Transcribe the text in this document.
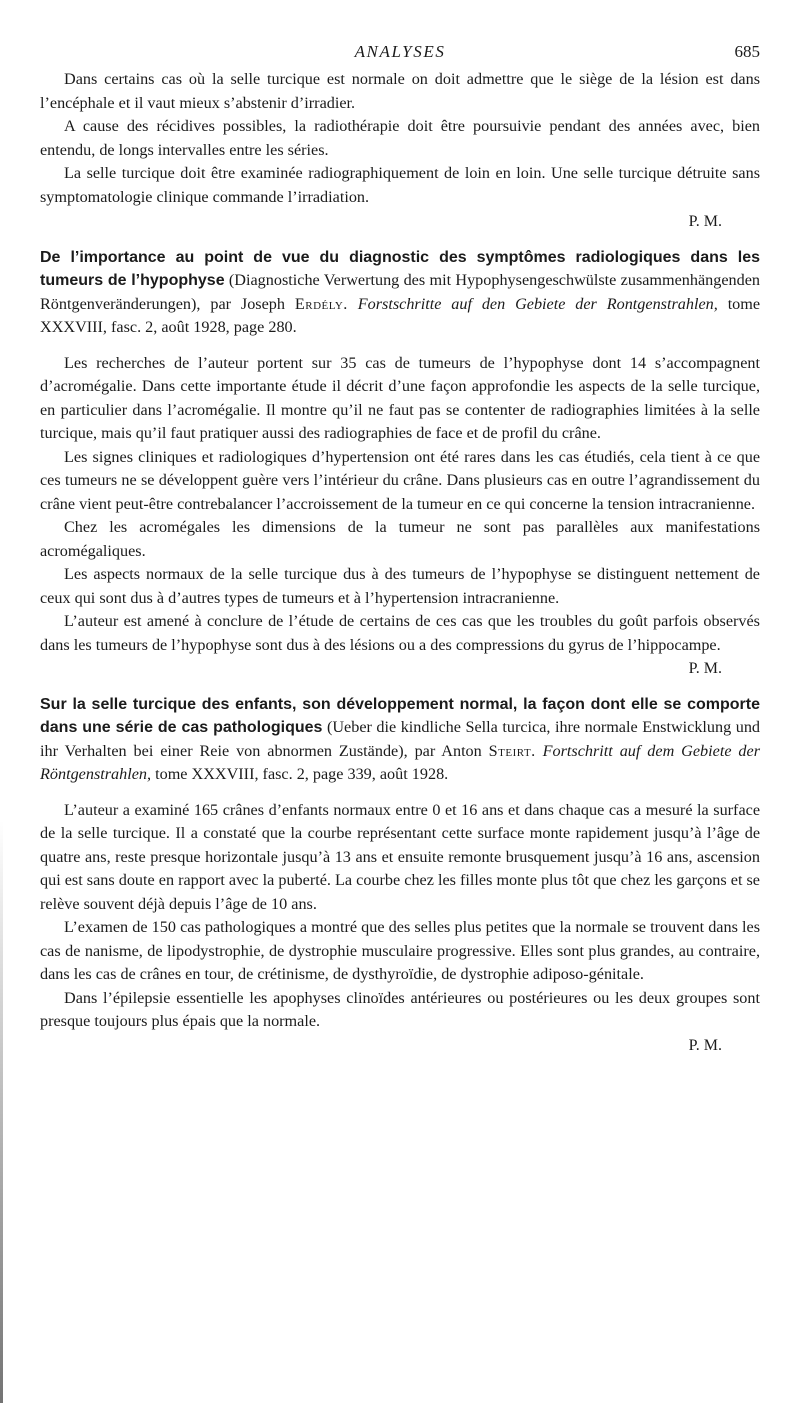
ANALYSES	685

Dans certains cas où la selle turcique est normale on doit admettre que le siège de la lésion est dans l’encéphale et il vaut mieux s’abstenir d’irradier.

A cause des récidives possibles, la radiothérapie doit être poursuivie pendant des années avec, bien entendu, de longs intervalles entre les séries.

La selle turcique doit être examinée radiographiquement de loin en loin. Une selle turcique détruite sans symptomatologie clinique commande l’irradiation.

P. M.

De l’importance au point de vue du diagnostic des symptômes radiologiques dans les tumeurs de l’hypophyse (Diagnostiche Verwertung des mit Hypophysengeschwülste zusammenhängenden Röntgenveränderungen), par Joseph Erdély. Forstschritte auf den Gebiete der Rontgenstrahlen, tome XXXVIII, fasc. 2, août 1928, page 280.

Les recherches de l’auteur portent sur 35 cas de tumeurs de l’hypophyse dont 14 s’accompagnent d’acromégalie. Dans cette importante étude il décrit d’une façon approfondie les aspects de la selle turcique, en particulier dans l’acromégalie. Il montre qu’il ne faut pas se contenter de radiographies limitées à la selle turcique, mais qu’il faut pratiquer aussi des radiographies de face et de profil du crâne.

Les signes cliniques et radiologiques d’hypertension ont été rares dans les cas étudiés, cela tient à ce que ces tumeurs ne se développent guère vers l’intérieur du crâne. Dans plusieurs cas en outre l’agrandissement du crâne vient peut-être contrebalancer l’accroissement de la tumeur en ce qui concerne la tension intracranienne.

Chez les acromégales les dimensions de la tumeur ne sont pas parallèles aux manifestations acromégaliques.

Les aspects normaux de la selle turcique dus à des tumeurs de l’hypophyse se distinguent nettement de ceux qui sont dus à d’autres types de tumeurs et à l’hypertension intracranienne.

L’auteur est amené à conclure de l’étude de certains de ces cas que les troubles du goût parfois observés dans les tumeurs de l’hypophyse sont dus à des lésions ou a des compressions du gyrus de l’hippocampe.

P. M.

Sur la selle turcique des enfants, son développement normal, la façon dont elle se comporte dans une série de cas pathologiques (Ueber die kindliche Sella turcica, ihre normale Enstwicklung und ihr Verhalten bei einer Reie von abnormen Zuständе), par Anton Steirt. Fortschritt auf dem Gebiete der Röntgenstrahlen, tome XXXVIII, fasc. 2, page 339, août 1928.

L’auteur a examiné 165 crânes d’enfants normaux entre 0 et 16 ans et dans chaque cas a mesuré la surface de la selle turcique. Il a constaté que la courbe représentant cette surface monte rapidement jusqu’à l’âge de quatre ans, reste presque horizontale jusqu’à 13 ans et ensuite remonte brusquement jusqu’à 16 ans, ascension qui est sans doute en rapport avec la puberté. La courbe chez les filles monte plus tôt que chez les garçons et se relève souvent déjà depuis l’âge de 10 ans.

L’examen de 150 cas pathologiques a montré que des selles plus petites que la normale se trouvent dans les cas de nanisme, de lipodystrophie, de dystrophie musculaire progressive. Elles sont plus grandes, au contraire, dans les cas de crânes en tour, de crétinisme, de dysthyroïdie, de dystrophie adiposo-génitale.

Dans l’épilepsie essentielle les apophyses clinoïdes antérieures ou postérieures ou les deux groupes sont presque toujours plus épais que la normale.

P. M.
